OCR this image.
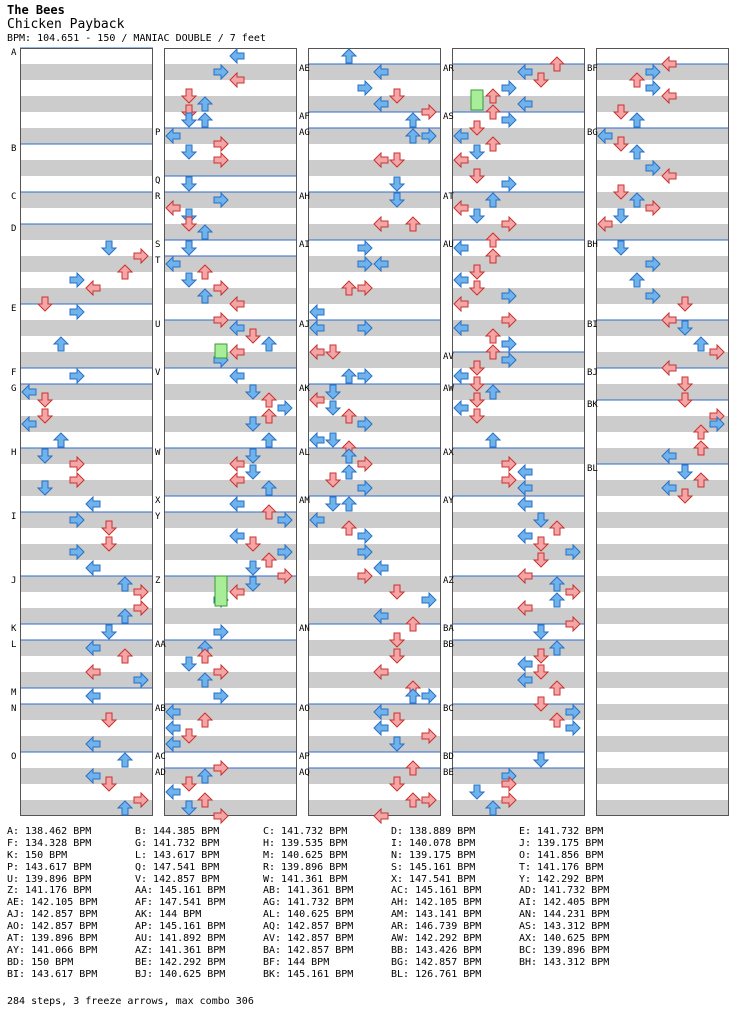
The Bees
Chicken Payback
BPM: 104.651 - 150 / MANIAC DOUBLE / 7 feet
A
B
C
D
E
F
G
H
I
J
K
L
M
N
O
P
Q
R
S
T
U
V
W
X
Y
Z
AA
AB
AC
AD
AE
AF
AG
AH
AI
AJ
AK
AL
AM
AN
AO
AP
AQ
AR
AS
AT
AU
AV
AW
AX
AY
AZ
BA
BB
BC
BD
BE
BF
BG
BH
BI
BJ
BK
BL
A: 138.462 BPM	B: 144.385 BPM	C: 141.732 BPM	D: 138.889 BPM	E: 141.732 BPM
F: 134.328 BPM	G: 141.732 BPM	H: 139.535 BPM	I: 140.078 BPM	J: 139.175 BPM
K: 150 BPM	L: 143.617 BPM	M: 140.625 BPM	N: 139.175 BPM	O: 141.856 BPM
P: 143.617 BPM	Q: 147.541 BPM	R: 139.896 BPM	S: 145.161 BPM	T: 141.176 BPM
U: 139.896 BPM	V: 142.857 BPM	W: 141.361 BPM	X: 147.541 BPM	Y: 142.292 BPM
Z: 141.176 BPM	AA: 145.161 BPM	AB: 141.361 BPM	AC: 145.161 BPM	AD: 141.732 BPM
AE: 142.105 BPM	AF: 147.541 BPM	AG: 141.732 BPM	AH: 142.105 BPM	AI: 142.405 BPM
AJ: 142.857 BPM	AK: 144 BPM	AL: 140.625 BPM	AM: 143.141 BPM	AN: 144.231 BPM
AO: 142.857 BPM	AP: 145.161 BPM	AQ: 142.857 BPM	AR: 146.739 BPM	AS: 143.312 BPM
AT: 139.896 BPM	AU: 141.892 BPM	AV: 142.857 BPM	AW: 142.292 BPM	AX: 140.625 BPM
AY: 141.066 BPM	AZ: 141.361 BPM	BA: 142.857 BPM	BB: 143.426 BPM	BC: 139.896 BPM
BD: 150 BPM	BE: 142.292 BPM	BF: 144 BPM	BG: 142.857 BPM	BH: 143.312 BPM
BI: 143.617 BPM	BJ: 140.625 BPM	BK: 145.161 BPM	BL: 126.761 BPM
284 steps, 3 freeze arrows, max combo 306
